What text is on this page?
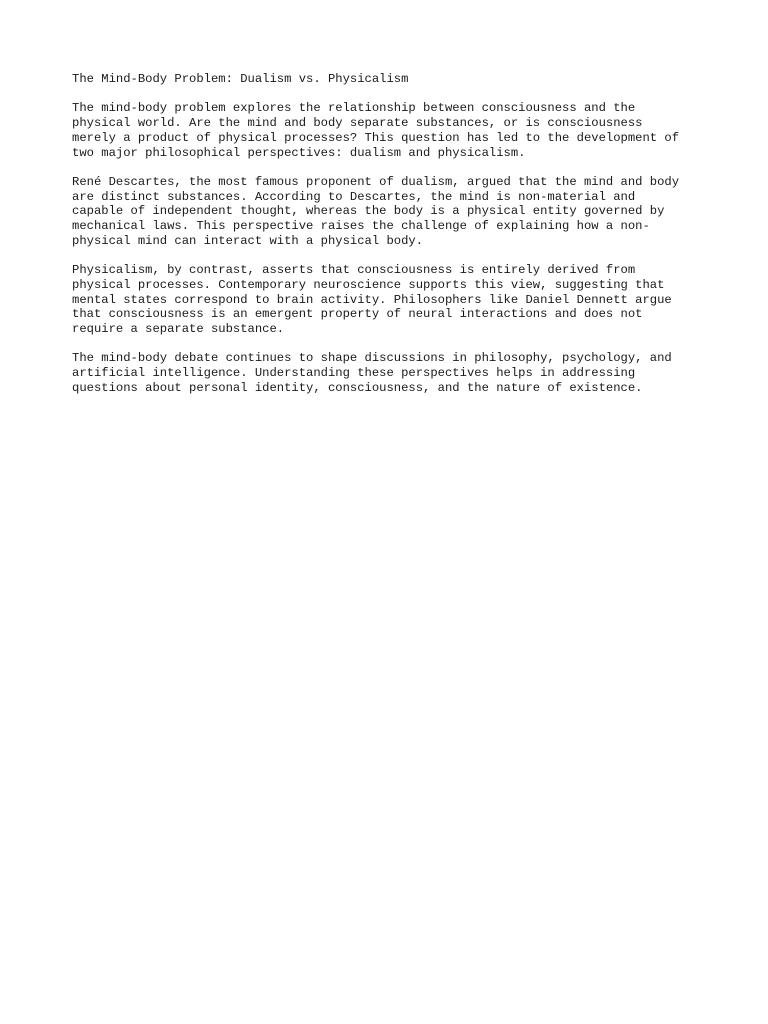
The Mind-Body Problem: Dualism vs. Physicalism

The mind-body problem explores the relationship between consciousness and the
physical world. Are the mind and body separate substances, or is consciousness
merely a product of physical processes? This question has led to the development of
two major philosophical perspectives: dualism and physicalism.

René Descartes, the most famous proponent of dualism, argued that the mind and body
are distinct substances. According to Descartes, the mind is non-material and
capable of independent thought, whereas the body is a physical entity governed by
mechanical laws. This perspective raises the challenge of explaining how a non-
physical mind can interact with a physical body.

Physicalism, by contrast, asserts that consciousness is entirely derived from
physical processes. Contemporary neuroscience supports this view, suggesting that
mental states correspond to brain activity. Philosophers like Daniel Dennett argue
that consciousness is an emergent property of neural interactions and does not
require a separate substance.

The mind-body debate continues to shape discussions in philosophy, psychology, and
artificial intelligence. Understanding these perspectives helps in addressing
questions about personal identity, consciousness, and the nature of existence.
